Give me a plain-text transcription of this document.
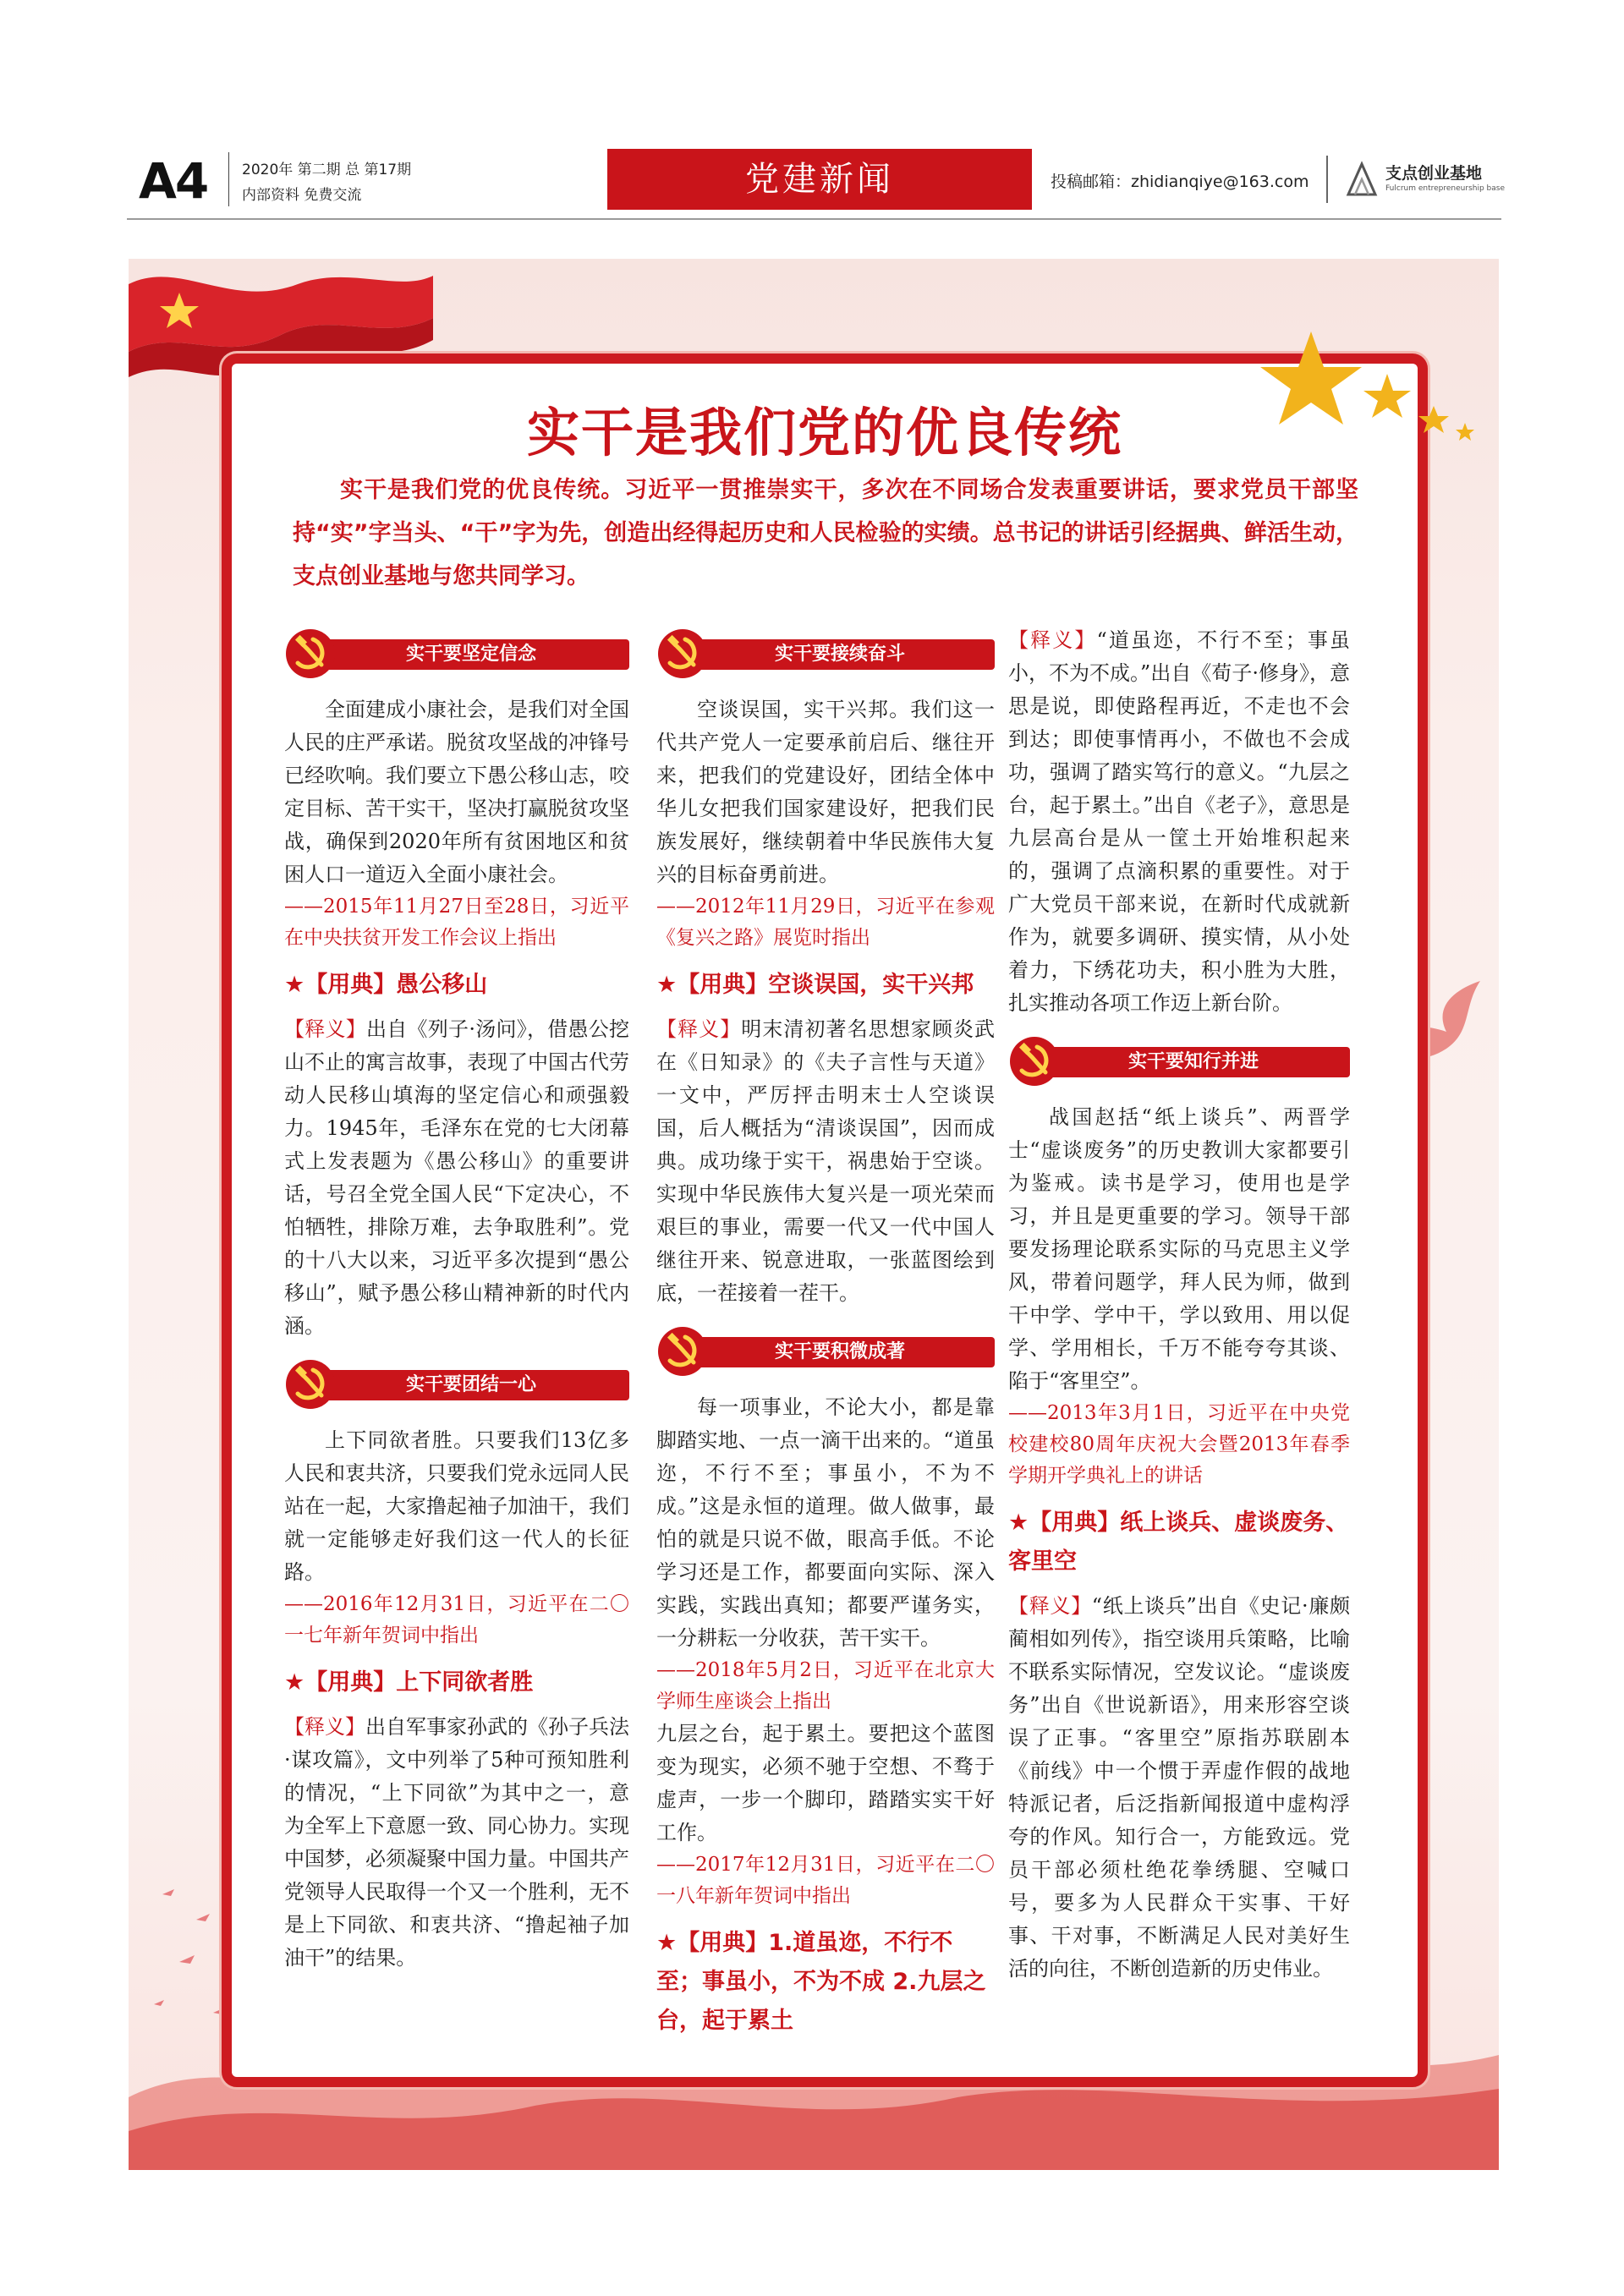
A4 2020年 第二期 总 第17期
内部资料 免费交流	党建新闻	投稿邮箱：zhidianqiye@163.com	支点创业基地
Fulcrum entrepreneurship base
实干是我们党的优良传统
实干是我们党的优良传统。习近平一贯推崇实干，多次在不同场合发表重要讲话，要求党员干部坚持“实”字当头、“干”字为先，创造出经得起历史和人民检验的实绩。总书记的讲话引经据典、鲜活生动，支点创业基地与您共同学习。
实干要坚定信念

全面建成小康社会，是我们对全国人民的庄严承诺。脱贫攻坚战的冲锋号已经吹响。我们要立下愚公移山志，咬定目标、苦干实干，坚决打赢脱贫攻坚战，确保到2020年所有贫困地区和贫困人口一道迈入全面小康社会。

——2015年11月27日至28日，习近平在中央扶贫开发工作会议上指出

★【用典】愚公移山

【释义】出自《列子·汤问》，借愚公挖山不止的寓言故事，表现了中国古代劳动人民移山填海的坚定信心和顽强毅力。1945年，毛泽东在党的七大闭幕式上发表题为《愚公移山》的重要讲话，号召全党全国人民“下定决心，不怕牺牲，排除万难，去争取胜利”。党的十八大以来，习近平多次提到“愚公移山”，赋予愚公移山精神新的时代内涵。

实干要团结一心

上下同欲者胜。只要我们13亿多人民和衷共济，只要我们党永远同人民站在一起，大家撸起袖子加油干，我们就一定能够走好我们这一代人的长征路。

——2016年12月31日，习近平在二〇一七年新年贺词中指出

★【用典】上下同欲者胜

【释义】出自军事家孙武的《孙子兵法·谋攻篇》，文中列举了5种可预知胜利的情况，“上下同欲”为其中之一，意为全军上下意愿一致、同心协力。实现中国梦，必须凝聚中国力量。中国共产党领导人民取得一个又一个胜利，无不是上下同欲、和衷共济、“撸起袖子加油干”的结果。

实干要接续奋斗

空谈误国，实干兴邦。我们这一代共产党人一定要承前启后、继往开来，把我们的党建设好，团结全体中华儿女把我们国家建设好，把我们民族发展好，继续朝着中华民族伟大复兴的目标奋勇前进。

——2012年11月29日，习近平在参观《复兴之路》展览时指出

★【用典】空谈误国，实干兴邦

【释义】明末清初著名思想家顾炎武在《日知录》的《夫子言性与天道》一文中，严厉抨击明末士人空谈误国，后人概括为“清谈误国”，因而成典。成功缘于实干，祸患始于空谈。实现中华民族伟大复兴是一项光荣而艰巨的事业，需要一代又一代中国人继往开来、锐意进取，一张蓝图绘到底，一茬接着一茬干。

实干要积微成著

每一项事业，不论大小，都是靠脚踏实地、一点一滴干出来的。“道虽迩，不行不至；事虽小，不为不成。”这是永恒的道理。做人做事，最怕的就是只说不做，眼高手低。不论学习还是工作，都要面向实际、深入实践，实践出真知；都要严谨务实，一分耕耘一分收获，苦干实干。

——2018年5月2日，习近平在北京大学师生座谈会上指出

九层之台，起于累土。要把这个蓝图变为现实，必须不驰于空想、不骛于虚声，一步一个脚印，踏踏实实干好工作。

——2017年12月31日，习近平在二〇一八年新年贺词中指出

★【用典】1.道虽迩，不行不至；事虽小，不为不成 2.九层之台，起于累土

【释义】“道虽迩，不行不至；事虽小，不为不成。”出自《荀子·修身》，意思是说，即使路程再近，不走也不会到达；即使事情再小，不做也不会成功，强调了踏实笃行的意义。“九层之台，起于累土。”出自《老子》，意思是九层高台是从一筐土开始堆积起来的，强调了点滴积累的重要性。对于广大党员干部来说，在新时代成就新作为，就要多调研、摸实情，从小处着力，下绣花功夫，积小胜为大胜，扎实推动各项工作迈上新台阶。

实干要知行并进

战国赵括“纸上谈兵”、两晋学士“虚谈废务”的历史教训大家都要引为鉴戒。读书是学习，使用也是学习，并且是更重要的学习。领导干部要发扬理论联系实际的马克思主义学风，带着问题学，拜人民为师，做到干中学、学中干，学以致用、用以促学、学用相长，千万不能夸夸其谈、陷于“客里空”。

——2013年3月1日，习近平在中央党校建校80周年庆祝大会暨2013年春季学期开学典礼上的讲话

★【用典】纸上谈兵、虚谈废务、客里空

【释义】“纸上谈兵”出自《史记·廉颇蔺相如列传》，指空谈用兵策略，比喻不联系实际情况，空发议论。“虚谈废务”出自《世说新语》，用来形容空谈误了正事。“客里空”原指苏联剧本《前线》中一个惯于弄虚作假的战地特派记者，后泛指新闻报道中虚构浮夸的作风。知行合一，方能致远。党员干部必须杜绝花拳绣腿、空喊口号，要多为人民群众干实事、干好事、干对事，不断满足人民对美好生活的向往，不断创造新的历史伟业。
